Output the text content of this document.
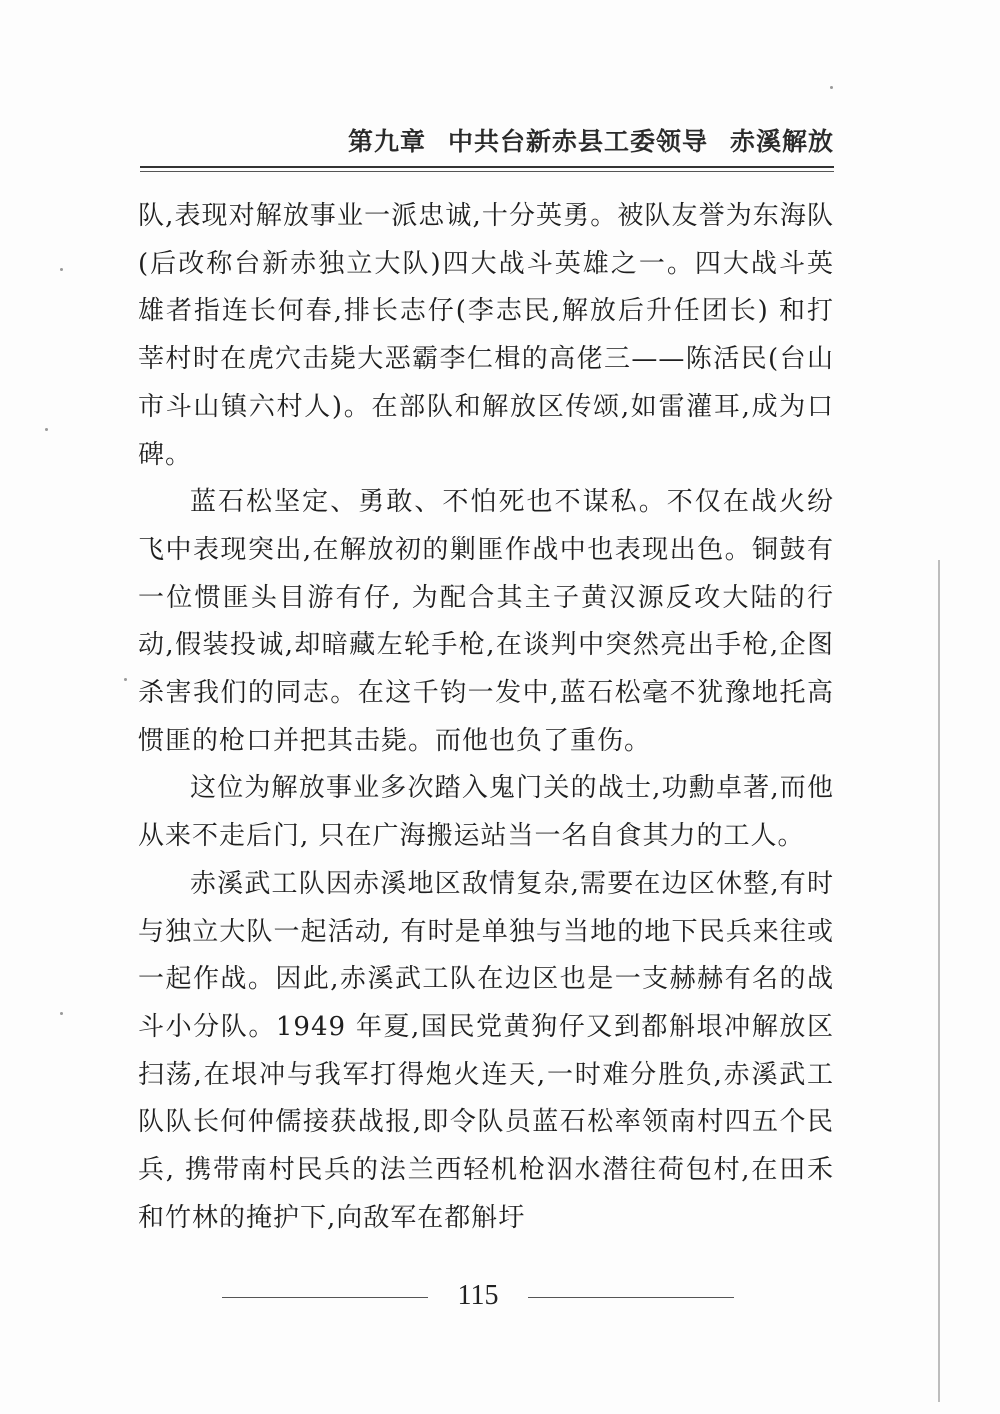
第九章 中共台新赤县工委领导 赤溪解放

队,表现对解放事业一派忠诚,十分英勇。被队友誉为东海队(后改称台新赤独立大队)四大战斗英雄之一。四大战斗英雄者指连长何春,排长志仔(李志民,解放后升任团长) 和打莘村时在虎穴击毙大恶霸李仁楫的高佬三——陈活民(台山市斗山镇六村人)。在部队和解放区传颂,如雷灌耳,成为口碑。

蓝石松坚定、勇敢、不怕死也不谋私。不仅在战火纷飞中表现突出,在解放初的剿匪作战中也表现出色。铜鼓有一位惯匪头目游有仔, 为配合其主子黄汉源反攻大陆的行动,假装投诚,却暗藏左轮手枪,在谈判中突然亮出手枪,企图杀害我们的同志。在这千钧一发中,蓝石松毫不犹豫地托高惯匪的枪口并把其击毙。而他也负了重伤。

这位为解放事业多次踏入鬼门关的战士,功勳卓著,而他从来不走后门, 只在广海搬运站当一名自食其力的工人。

赤溪武工队因赤溪地区敌情复杂,需要在边区休整,有时与独立大队一起活动, 有时是单独与当地的地下民兵来往或一起作战。因此,赤溪武工队在边区也是一支赫赫有名的战斗小分队。1949 年夏,国民党黄狗仔又到都斛垠冲解放区扫荡,在垠冲与我军打得炮火连天,一时难分胜负,赤溪武工队队长何仲儒接获战报,即令队员蓝石松率领南村四五个民兵, 携带南村民兵的法兰西轻机枪泅水潜往荷包村,在田禾和竹林的掩护下,向敌军在都斛圩

115
